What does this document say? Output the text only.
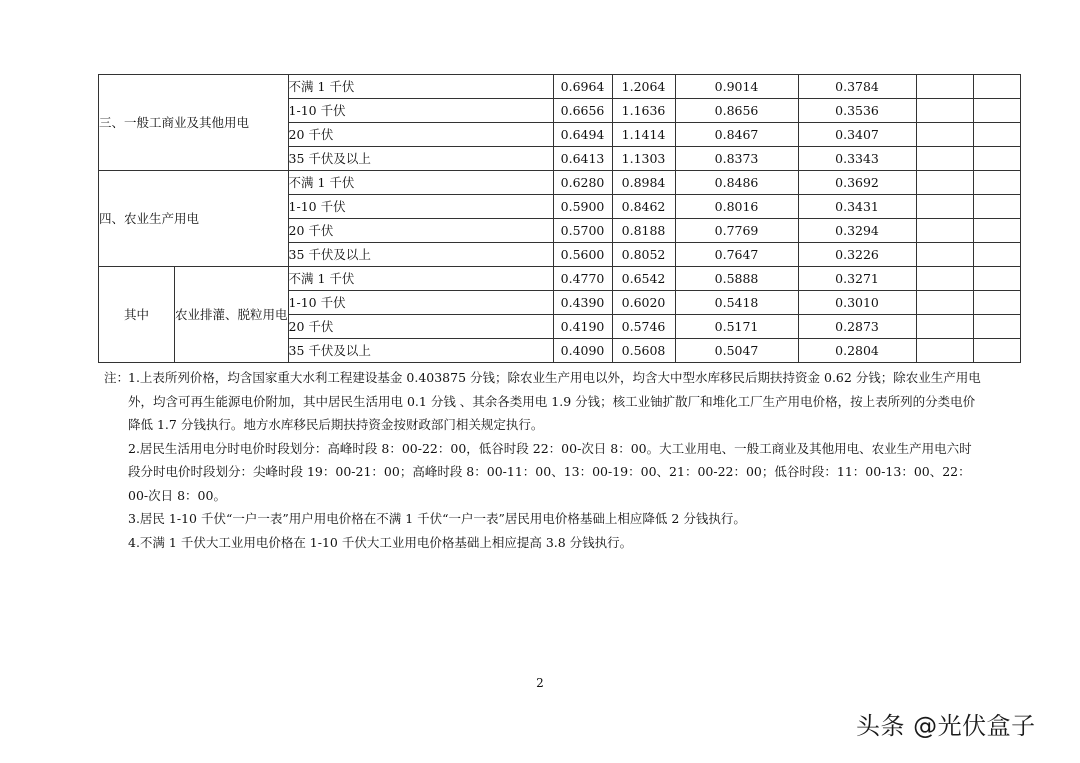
三、一般工商业及其他用电		不满 1 千伏	0.6964	1.2064	0.9014	0.3784		
		1-10 千伏	0.6656	1.1636	0.8656	0.3536		
		20 千伏	0.6494	1.1414	0.8467	0.3407		
		35 千伏及以上	0.6413	1.1303	0.8373	0.3343		
四、农业生产用电		不满 1 千伏	0.6280	0.8984	0.8486	0.3692		
		1-10 千伏	0.5900	0.8462	0.8016	0.3431		
		20 千伏	0.5700	0.8188	0.7769	0.3294		
		35 千伏及以上	0.5600	0.8052	0.7647	0.3226		
其中	农业排灌、脱粒用电	不满 1 千伏	0.4770	0.6542	0.5888	0.3271		
		1-10 千伏	0.4390	0.6020	0.5418	0.3010		
		20 千伏	0.4190	0.5746	0.5171	0.2873		
		35 千伏及以上	0.4090	0.5608	0.5047	0.2804		
注：
1.上表所列价格，均含国家重大水利工程建设基金 0.403875 分钱；除农业生产用电以外，均含大中型水库移民后期扶持资金 0.62 分钱；除农业生产用电外，均含可再生能源电价附加，其中居民生活用电 0.1 分钱 、其余各类用电 1.9 分钱；核工业铀扩散厂和堆化工厂生产用电价格，按上表所列的分类电价降低 1.7 分钱执行。地方水库移民后期扶持资金按财政部门相关规定执行。
2.居民生活用电分时电价时段划分：高峰时段 8：00-22：00，低谷时段 22：00-次日 8：00。大工业用电、一般工商业及其他用电、农业生产用电六时段分时电价时段划分：尖峰时段 19：00-21：00；高峰时段 8：00-11：00、13：00-19：00、21：00-22：00；低谷时段：11：00-13：00、22：00-次日 8：00。
3.居民 1-10 千伏“一户一表”用户用电价格在不满 1 千伏“一户一表”居民用电价格基础上相应降低 2 分钱执行。
4.不满 1 千伏大工业用电价格在 1-10 千伏大工业用电价格基础上相应提高 3.8 分钱执行。
2
头条 @光伏盒子
